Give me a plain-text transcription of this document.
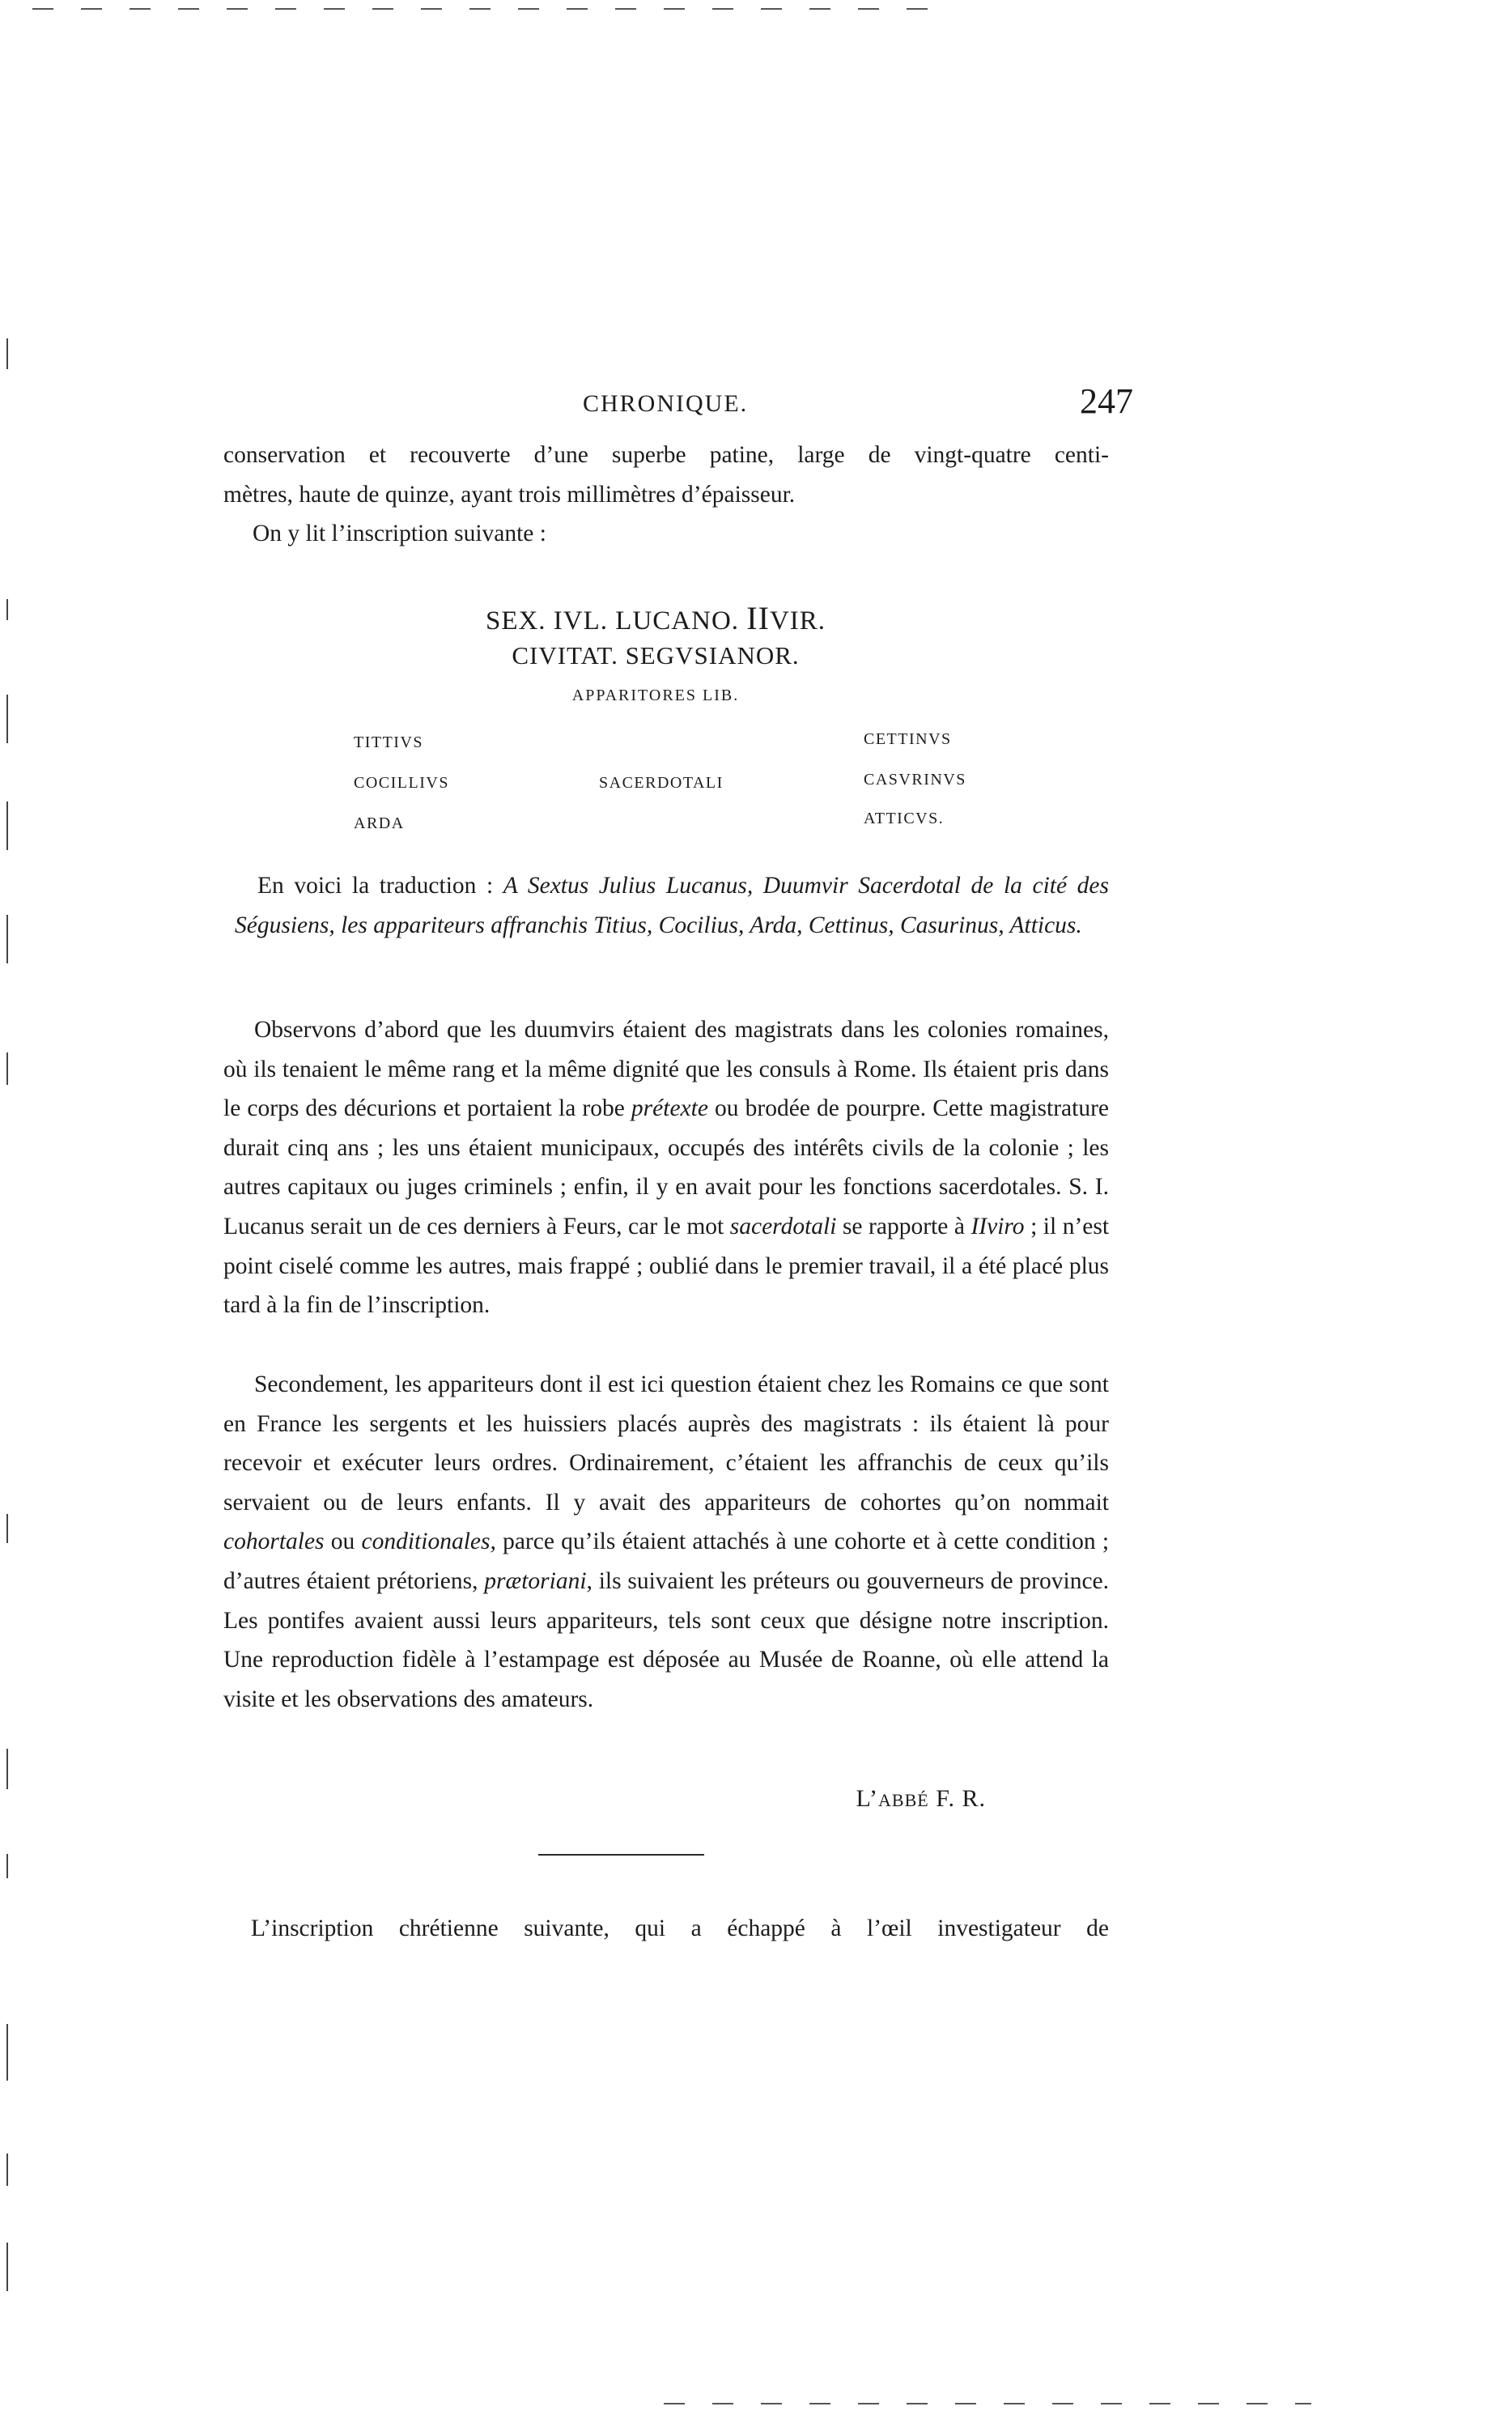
CHRONIQUE.	247

conservation et recouverte d’une superbe patine, large de vingt-quatre centi-

mètres, haute de quinze, ayant trois millimètres d’épaisseur.

On y lit l’inscription suivante :

SEX. IVL. LUCANO. IIVIR.
CIVITAT. SEGVSIANOR.
APPARITORES LIB.
TITTIVS
COCILLIVS
ARDA
SACERDOTALI
CETTINVS
CASVRINVS
ATTICVS.

En voici la traduction : A Sextus Julius Lucanus, Duumvir Sacerdotal de la cité des Ségusiens, les appariteurs affranchis Titius, Cocilius, Arda, Cettinus, Casurinus, Atticus.

Observons d’abord que les duumvirs étaient des magistrats dans les colonies romaines, où ils tenaient le même rang et la même dignité que les consuls à Rome. Ils étaient pris dans le corps des décurions et portaient la robe prétexte ou brodée de pourpre. Cette magistrature durait cinq ans ; les uns étaient municipaux, occupés des intérêts civils de la colonie ; les autres capitaux ou juges criminels ; enfin, il y en avait pour les fonctions sacerdotales. S. I. Lucanus serait un de ces derniers à Feurs, car le mot sacerdotali se rapporte à IIviro ; il n’est point ciselé comme les autres, mais frappé ; oublié dans le premier travail, il a été placé plus tard à la fin de l’inscription.

Secondement, les appariteurs dont il est ici question étaient chez les Romains ce que sont en France les sergents et les huissiers placés auprès des magistrats : ils étaient là pour recevoir et exécuter leurs ordres. Ordinairement, c’étaient les affranchis de ceux qu’ils servaient ou de leurs enfants. Il y avait des appariteurs de cohortes qu’on nommait cohortales ou conditionales, parce qu’ils étaient attachés à une cohorte et à cette condition ; d’autres étaient prétoriens, prætoriani, ils suivaient les préteurs ou gouverneurs de province. Les pontifes avaient aussi leurs appariteurs, tels sont ceux que désigne notre inscription. Une reproduction fidèle à l’estampage est déposée au Musée de Roanne, où elle attend la visite et les observations des amateurs.

L’ABBÉ F. R.
L’inscription chrétienne suivante, qui a échappé à l’œil investigateur de
